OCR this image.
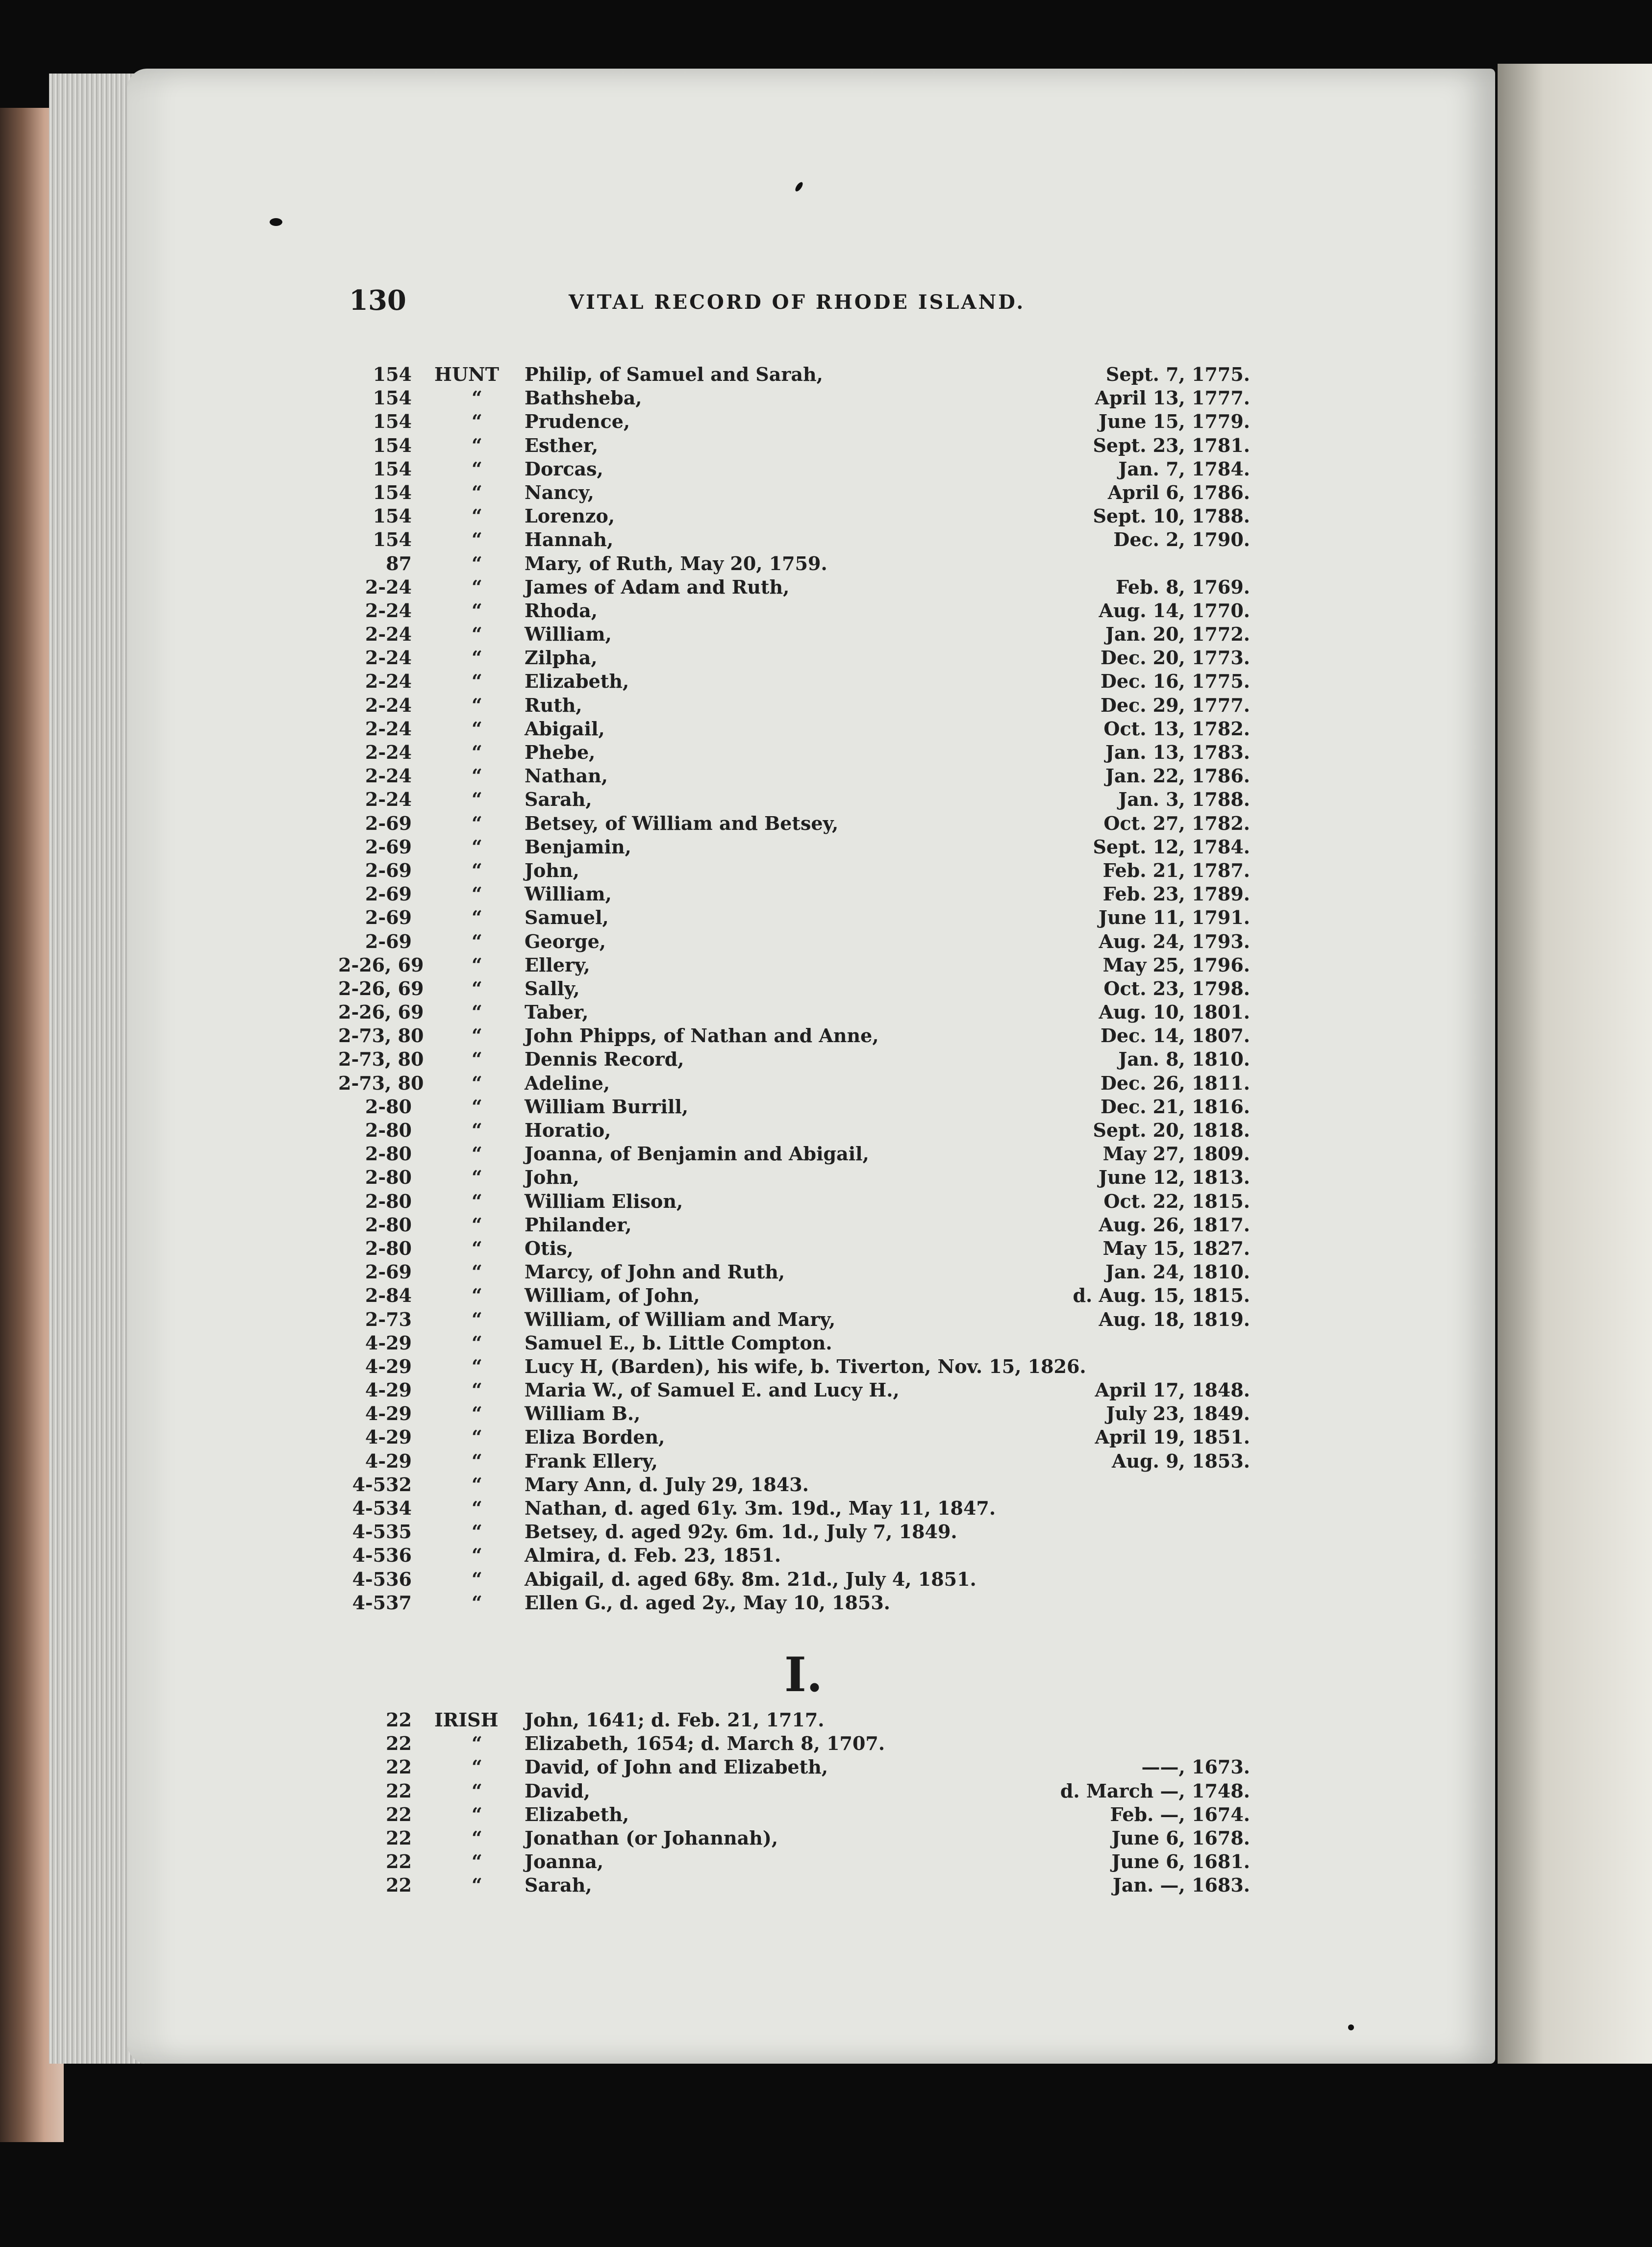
130	VITAL RECORD OF RHODE ISLAND.
154 HUNT Philip, of Samuel and Sarah,	Sept. 7, 1775.
154	“ Bathsheba,	April 13, 1777.
154	“ Prudence,	June 15, 1779.
154	“ Esther,	Sept. 23, 1781.
154	“ Dorcas,	Jan. 7, 1784.
154	“ Nancy,	April 6, 1786.
154	“ Lorenzo,	Sept. 10, 1788.
154	“ Hannah,	Dec. 2, 1790.
87	“ Mary, of Ruth, May 20, 1759.
2-24	“ James of Adam and Ruth,	Feb. 8, 1769.
2-24	“ Rhoda,	Aug. 14, 1770.
2-24	“ William,	Jan. 20, 1772.
2-24	“ Zilpha,	Dec. 20, 1773.
2-24	“ Elizabeth,	Dec. 16, 1775.
2-24	“ Ruth,	Dec. 29, 1777.
2-24	“ Abigail,	Oct. 13, 1782.
2-24	“ Phebe,	Jan. 13, 1783.
2-24	“ Nathan,	Jan. 22, 1786.
2-24	“ Sarah,	Jan. 3, 1788.
2-69	“ Betsey, of William and Betsey,	Oct. 27, 1782.
2-69	“ Benjamin,	Sept. 12, 1784.
2-69	“ John,	Feb. 21, 1787.
2-69	“ William,	Feb. 23, 1789.
2-69	“ Samuel,	June 11, 1791.
2-69	“ George,	Aug. 24, 1793.
2-26, 69	“ Ellery,	May 25, 1796.
2-26, 69	“ Sally,	Oct. 23, 1798.
2-26, 69	“ Taber,	Aug. 10, 1801.
2-73, 80	“ John Phipps, of Nathan and Anne,	Dec. 14, 1807.
2-73, 80	“ Dennis Record,	Jan. 8, 1810.
2-73, 80	“ Adeline,	Dec. 26, 1811.
2-80	“ William Burrill,	Dec. 21, 1816.
2-80	“ Horatio,	Sept. 20, 1818.
2-80	“ Joanna, of Benjamin and Abigail,	May 27, 1809.
2-80	“ John,	June 12, 1813.
2-80	“ William Elison,	Oct. 22, 1815.
2-80	“ Philander,	Aug. 26, 1817.
2-80	“ Otis,	May 15, 1827.
2-69	“ Marcy, of John and Ruth,	Jan. 24, 1810.
2-84	“ William, of John,	d. Aug. 15, 1815.
2-73	“ William, of William and Mary,	Aug. 18, 1819.
4-29	“ Samuel E., b. Little Compton.
4-29	“ Lucy H, (Barden), his wife, b. Tiverton, Nov. 15, 1826.
4-29	“ Maria W., of Samuel E. and Lucy H.,	April 17, 1848.
4-29	“ William B.,	July 23, 1849.
4-29	“ Eliza Borden,	April 19, 1851.
4-29	“ Frank Ellery,	Aug. 9, 1853.
4-532	“ Mary Ann, d. July 29, 1843.
4-534	“ Nathan, d. aged 61y. 3m. 19d., May 11, 1847.
4-535	“ Betsey, d. aged 92y. 6m. 1d., July 7, 1849.
4-536	“ Almira, d. Feb. 23, 1851.
4-536	“ Abigail, d. aged 68y. 8m. 21d., July 4, 1851.
4-537	“ Ellen G., d. aged 2y., May 10, 1853.
I.
22 IRISH John, 1641; d. Feb. 21, 1717.
22	“ Elizabeth, 1654; d. March 8, 1707.
22	“ David, of John and Elizabeth,	——, 1673.
22	“ David,	d. March —, 1748.
22	“ Elizabeth,	Feb. —, 1674.
22	“ Jonathan (or Johannah),	June 6, 1678.
22	“ Joanna,	June 6, 1681.
22	“ Sarah,	Jan. —, 1683.
